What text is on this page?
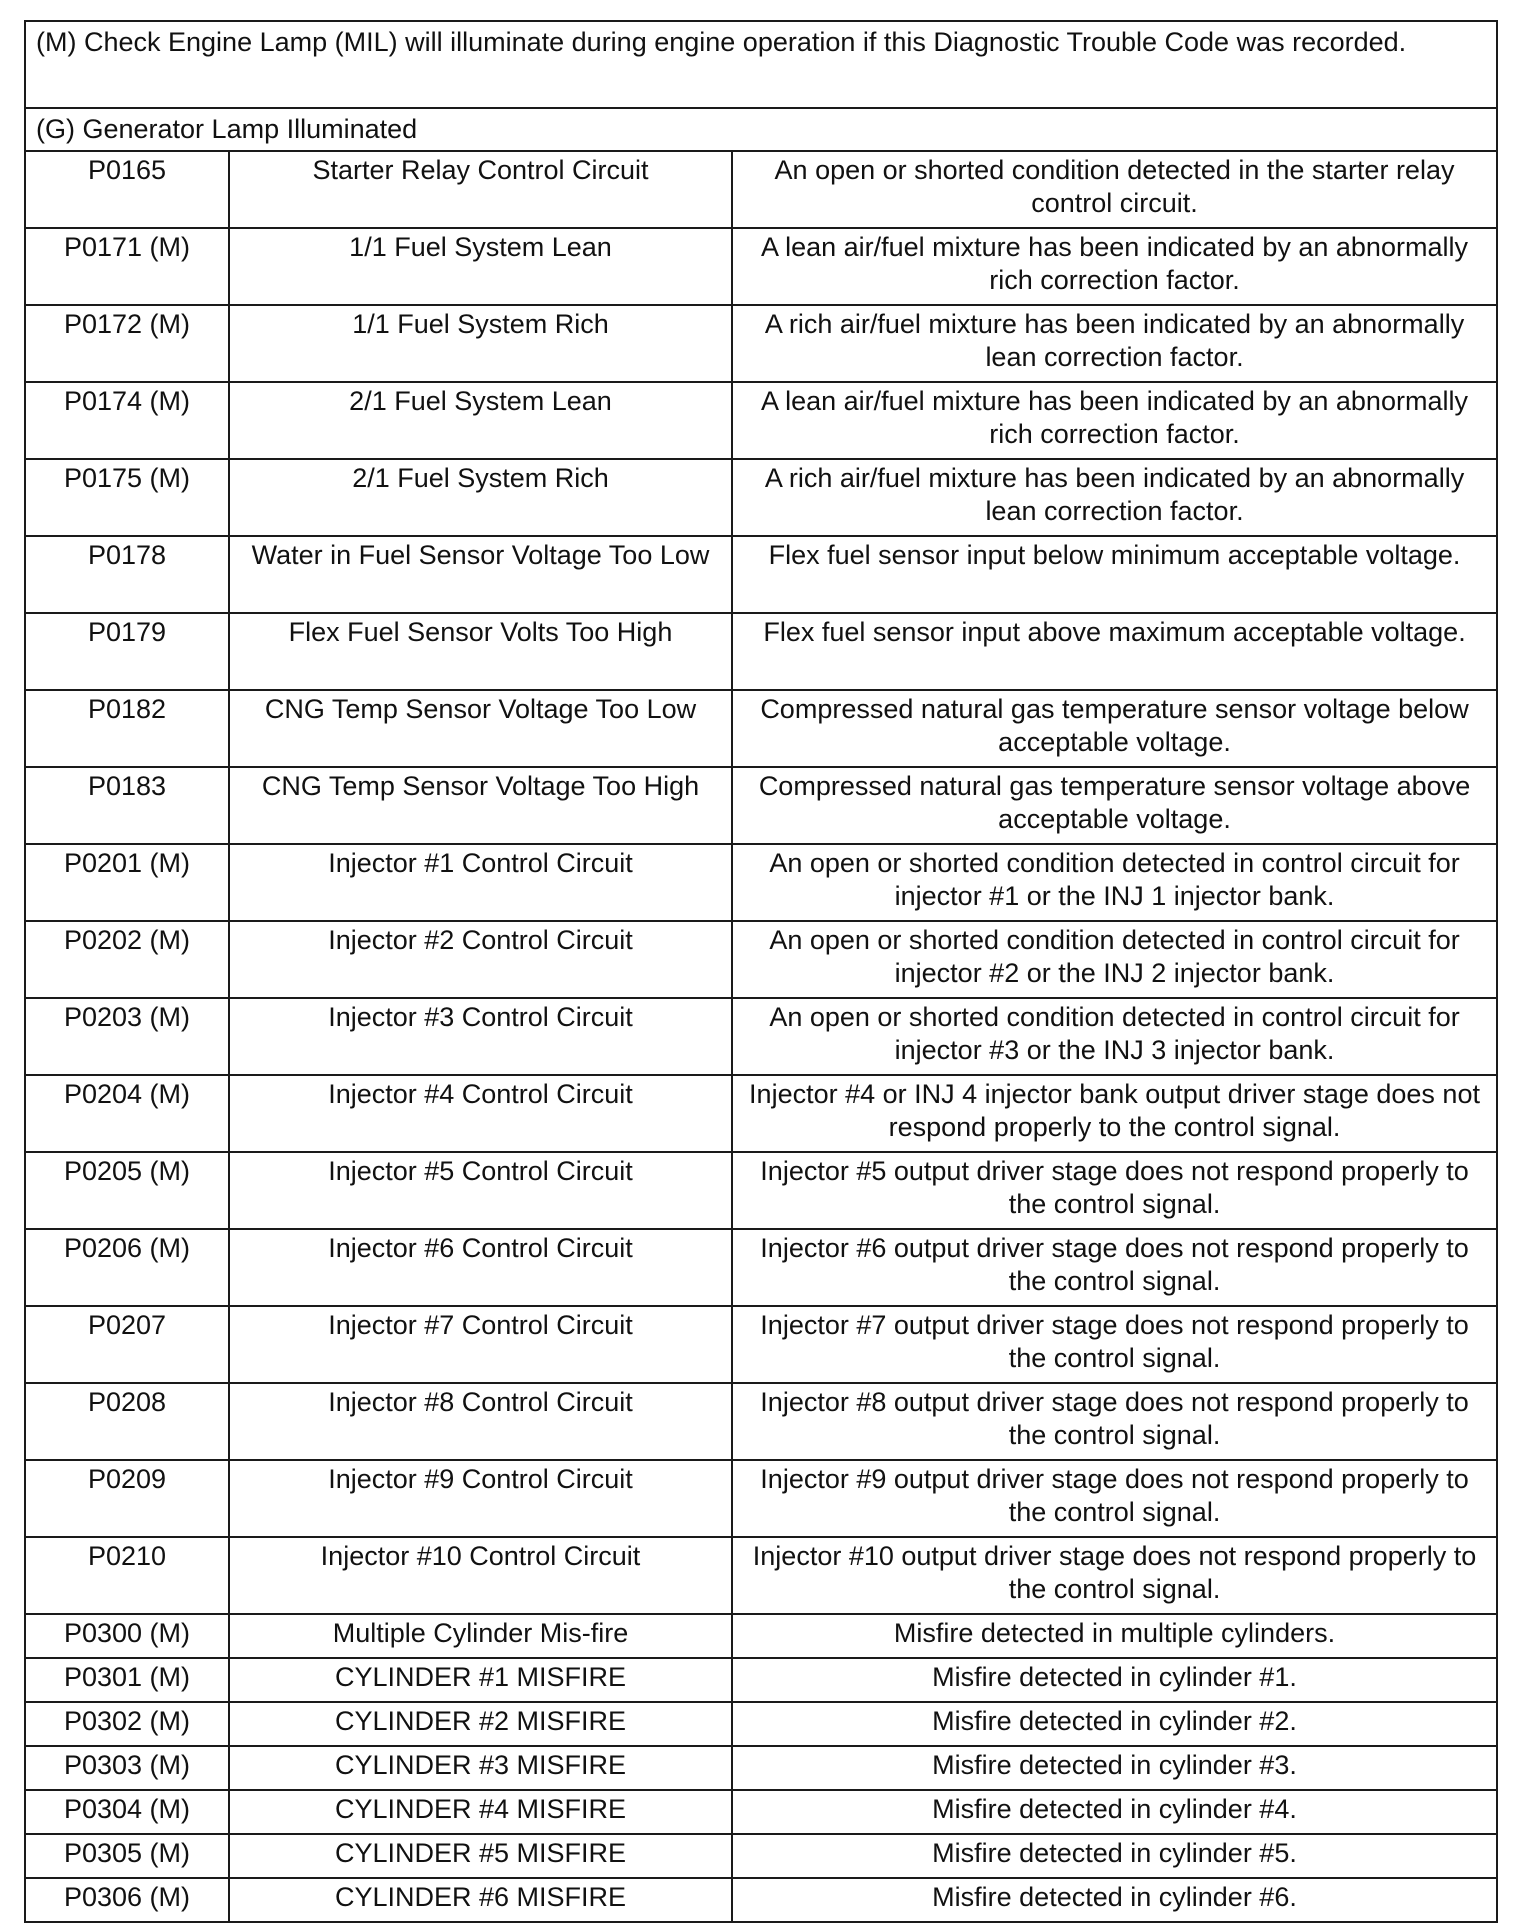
(M) Check Engine Lamp (MIL) will illuminate during engine operation if this Diagnostic Trouble Code was recorded.		
(G) Generator Lamp Illuminated		
P0165	Starter Relay Control Circuit	An open or shorted condition detected in the starter relay control circuit.
P0171 (M)	1/1 Fuel System Lean	A lean air/fuel mixture has been indicated by an abnormally rich correction factor.
P0172 (M)	1/1 Fuel System Rich	A rich air/fuel mixture has been indicated by an abnormally lean correction factor.
P0174 (M)	2/1 Fuel System Lean	A lean air/fuel mixture has been indicated by an abnormally rich correction factor.
P0175 (M)	2/1 Fuel System Rich	A rich air/fuel mixture has been indicated by an abnormally lean correction factor.
P0178	Water in Fuel Sensor Voltage Too Low	Flex fuel sensor input below minimum acceptable voltage.
P0179	Flex Fuel Sensor Volts Too High	Flex fuel sensor input above maximum acceptable voltage.
P0182	CNG Temp Sensor Voltage Too Low	Compressed natural gas temperature sensor voltage below acceptable voltage.
P0183	CNG Temp Sensor Voltage Too High	Compressed natural gas temperature sensor voltage above acceptable voltage.
P0201 (M)	Injector #1 Control Circuit	An open or shorted condition detected in control circuit for injector #1 or the INJ 1 injector bank.
P0202 (M)	Injector #2 Control Circuit	An open or shorted condition detected in control circuit for injector #2 or the INJ 2 injector bank.
P0203 (M)	Injector #3 Control Circuit	An open or shorted condition detected in control circuit for injector #3 or the INJ 3 injector bank.
P0204 (M)	Injector #4 Control Circuit	Injector #4 or INJ 4 injector bank output driver stage does not respond properly to the control signal.
P0205 (M)	Injector #5 Control Circuit	Injector #5 output driver stage does not respond properly to the control signal.
P0206 (M)	Injector #6 Control Circuit	Injector #6 output driver stage does not respond properly to the control signal.
P0207	Injector #7 Control Circuit	Injector #7 output driver stage does not respond properly to the control signal.
P0208	Injector #8 Control Circuit	Injector #8 output driver stage does not respond properly to the control signal.
P0209	Injector #9 Control Circuit	Injector #9 output driver stage does not respond properly to the control signal.
P0210	Injector #10 Control Circuit	Injector #10 output driver stage does not respond properly to the control signal.
P0300 (M)	Multiple Cylinder Mis-fire	Misfire detected in multiple cylinders.
P0301 (M)	CYLINDER #1 MISFIRE	Misfire detected in cylinder #1.
P0302 (M)	CYLINDER #2 MISFIRE	Misfire detected in cylinder #2.
P0303 (M)	CYLINDER #3 MISFIRE	Misfire detected in cylinder #3.
P0304 (M)	CYLINDER #4 MISFIRE	Misfire detected in cylinder #4.
P0305 (M)	CYLINDER #5 MISFIRE	Misfire detected in cylinder #5.
P0306 (M)	CYLINDER #6 MISFIRE	Misfire detected in cylinder #6.
